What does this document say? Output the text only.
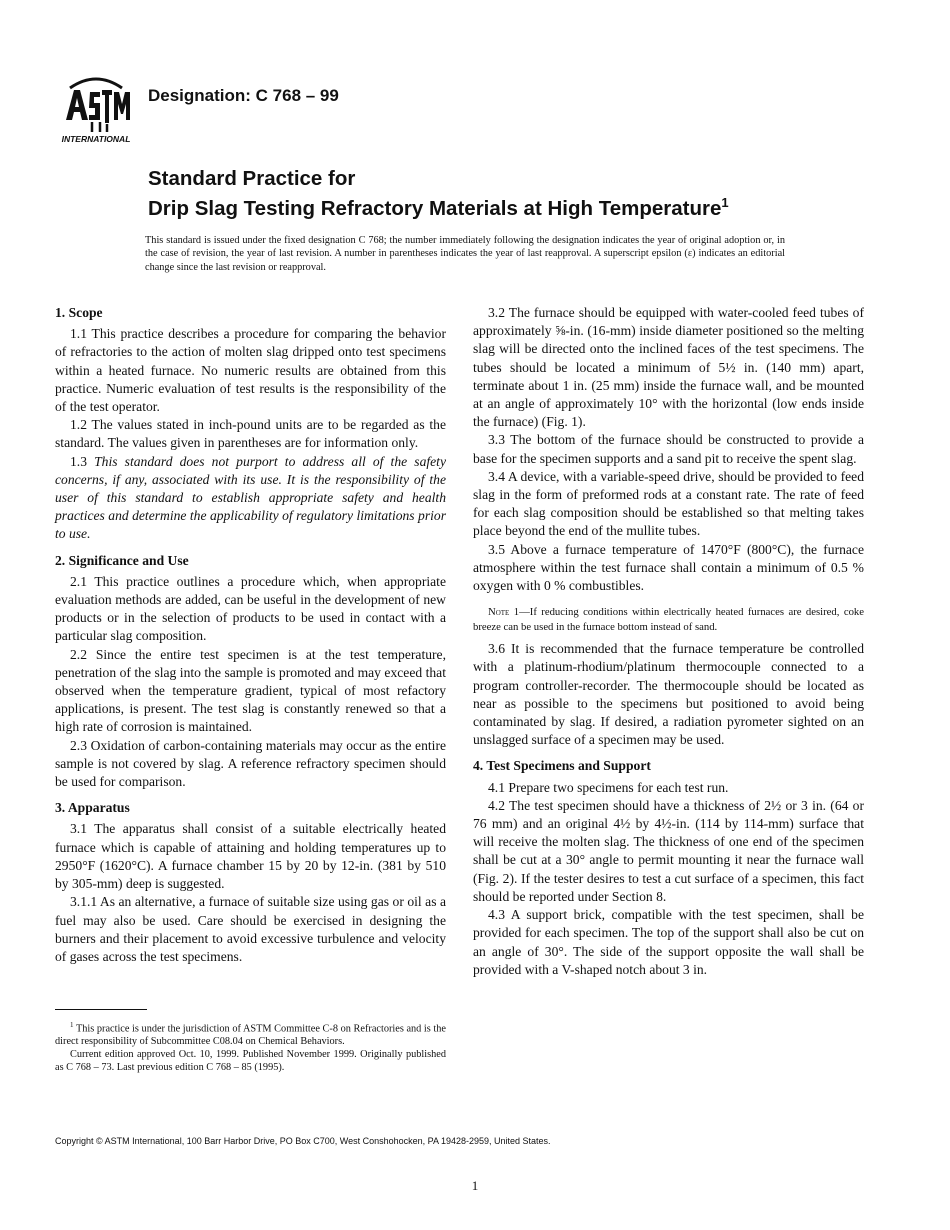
INTERNATIONAL
Designation: C 768 – 99
Standard Practice for
Drip Slag Testing Refractory Materials at High Temperature$^1$
This standard is issued under the fixed designation C 768; the number immediately following the designation indicates the year of original adoption or, in the case of revision, the year of last revision. A number in parentheses indicates the year of last reapproval. A superscript epsilon (ε) indicates an editorial change since the last revision or reapproval.
1. Scope

1.1 This practice describes a procedure for comparing the behavior of refractories to the action of molten slag dripped onto test specimens within a heated furnace. No numeric results are obtained from this practice. Numeric evaluation of test results is the responsibility of the of the test operator.

1.2 The values stated in inch-pound units are to be regarded as the standard. The values given in parentheses are for information only.

1.3 This standard does not purport to address all of the safety concerns, if any, associated with its use. It is the responsibility of the user of this standard to establish appropriate safety and health practices and determine the applicability of regulatory limitations prior to use.

2. Significance and Use

2.1 This practice outlines a procedure which, when appropriate evaluation methods are added, can be useful in the development of new products or in the selection of products to be used in contact with a particular slag composition.

2.2 Since the entire test specimen is at the test temperature, penetration of the slag into the sample is promoted and may exceed that observed when the temperature gradient, typical of most refactory applications, is present. The test slag is constantly renewed so that a high rate of corrosion is maintained.

2.3 Oxidation of carbon-containing materials may occur as the entire sample is not covered by slag. A reference refractory specimen should be used for comparison.

3. Apparatus

3.1 The apparatus shall consist of a suitable electrically heated furnace which is capable of attaining and holding temperatures up to 2950°F (1620°C). A furnace chamber 15 by 20 by 12-in. (381 by 510 by 305-mm) deep is suggested.

3.1.1 As an alternative, a furnace of suitable size using gas or oil as a fuel may also be used. Care should be exercised in designing the burners and their placement to avoid excessive turbulence and velocity of gases across the test specimens.

3.2 The furnace should be equipped with water-cooled feed tubes of approximately ⅝-in. (16-mm) inside diameter positioned so the melting slag will be directed onto the inclined faces of the test specimens. The tubes should be located a minimum of 5½ in. (140 mm) apart, terminate about 1 in. (25 mm) inside the furnace wall, and be mounted at an angle of approximately 10° with the horizontal (low ends inside the furnace) (Fig. 1).

3.3 The bottom of the furnace should be constructed to provide a base for the specimen supports and a sand pit to receive the spent slag.

3.4 A device, with a variable-speed drive, should be provided to feed slag in the form of preformed rods at a constant rate. The rate of feed for each slag composition should be established so that melting takes place beyond the end of the mullite tubes.

3.5 Above a furnace temperature of 1470°F (800°C), the furnace atmosphere within the test furnace shall contain a minimum of 0.5 % oxygen with 0 % combustibles.

Note 1—If reducing conditions within electrically heated furnaces are desired, coke breeze can be used in the furnace bottom instead of sand.

3.6 It is recommended that the furnace temperature be controlled with a platinum-rhodium/platinum thermocouple connected to a program controller-recorder. The thermocouple should be located as near as possible to the specimens but positioned to avoid being contaminated by slag. If desired, a radiation pyrometer sighted on an unslagged surface of a specimen may be used.

4. Test Specimens and Support

4.1 Prepare two specimens for each test run.

4.2 The test specimen should have a thickness of 2½ or 3 in. (64 or 76 mm) and an original 4½ by 4½-in. (114 by 114-mm) surface that will receive the molten slag. The thickness of one end of the specimen shall be cut at a 30° angle to permit mounting it near the furnace wall (Fig. 2). If the tester desires to test a cut surface of a specimen, this fact should be reported under Section 8.

4.3 A support brick, compatible with the test specimen, shall be provided for each specimen. The top of the support shall also be cut on an angle of 30°. The side of the support opposite the wall shall be provided with a V-shaped notch about 3 in.

$^1$ This practice is under the jurisdiction of ASTM Committee C-8 on Refractories and is the direct responsibility of Subcommittee C08.04 on Chemical Behaviors.

Current edition approved Oct. 10, 1999. Published November 1999. Originally published as C 768 – 73. Last previous edition C 768 – 85 (1995).

Copyright © ASTM International, 100 Barr Harbor Drive, PO Box C700, West Conshohocken, PA 19428-2959, United States.
1
